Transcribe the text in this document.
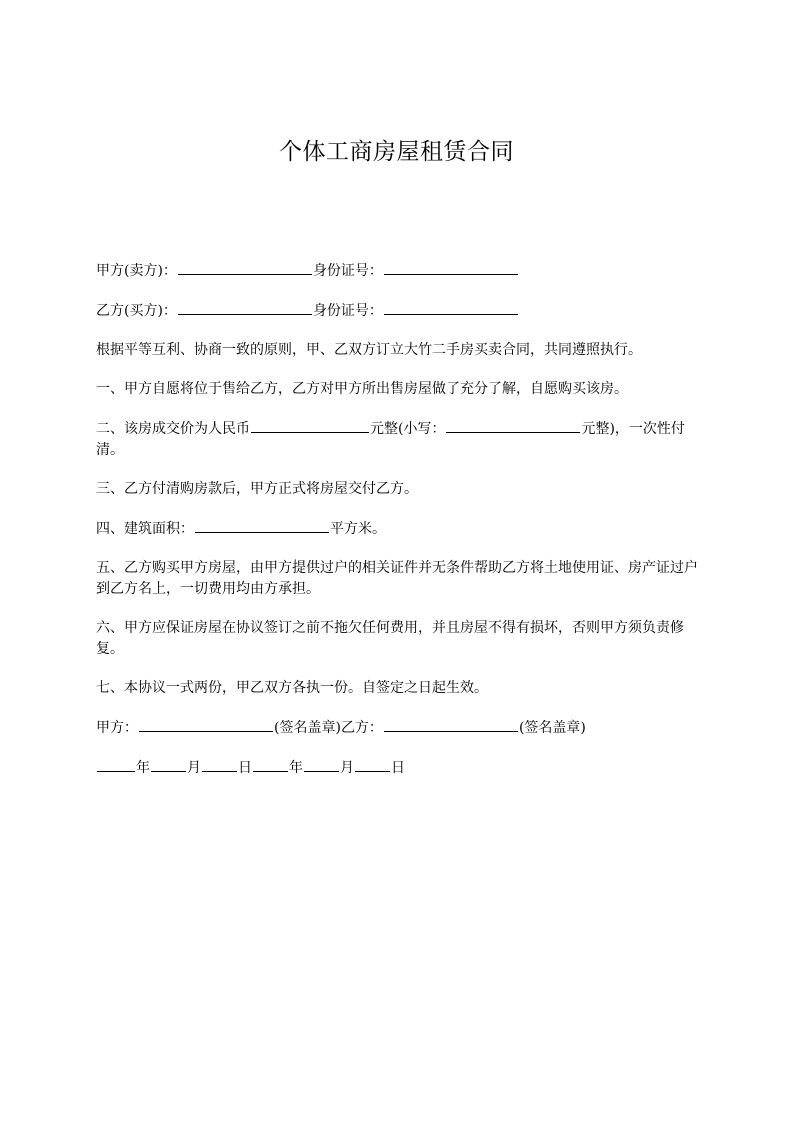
个体工商房屋租赁合同

甲方(卖方)：	身份证号：

乙方(买方)：	身份证号：

根据平等互利、协商一致的原则，甲、乙双方订立大竹二手房买卖合同，共同遵照执行。

一、甲方自愿将位于售给乙方，乙方对甲方所出售房屋做了充分了解，自愿购买该房。

二、该房成交价为人民币	元整(小写：	元整)，一次性付清。

三、乙方付清购房款后，甲方正式将房屋交付乙方。

四、建筑面积：	平方米。

五、乙方购买甲方房屋，由甲方提供过户的相关证件并无条件帮助乙方将土地使用证、房产证过户到乙方名上，一切费用均由方承担。

六、甲方应保证房屋在协议签订之前不拖欠任何费用，并且房屋不得有损坏，否则甲方须负责修复。

七、本协议一式两份，甲乙双方各执一份。自签定之日起生效。

甲方：	(签名盖章)乙方：	(签名盖章)

年	月	日	年	月	日
